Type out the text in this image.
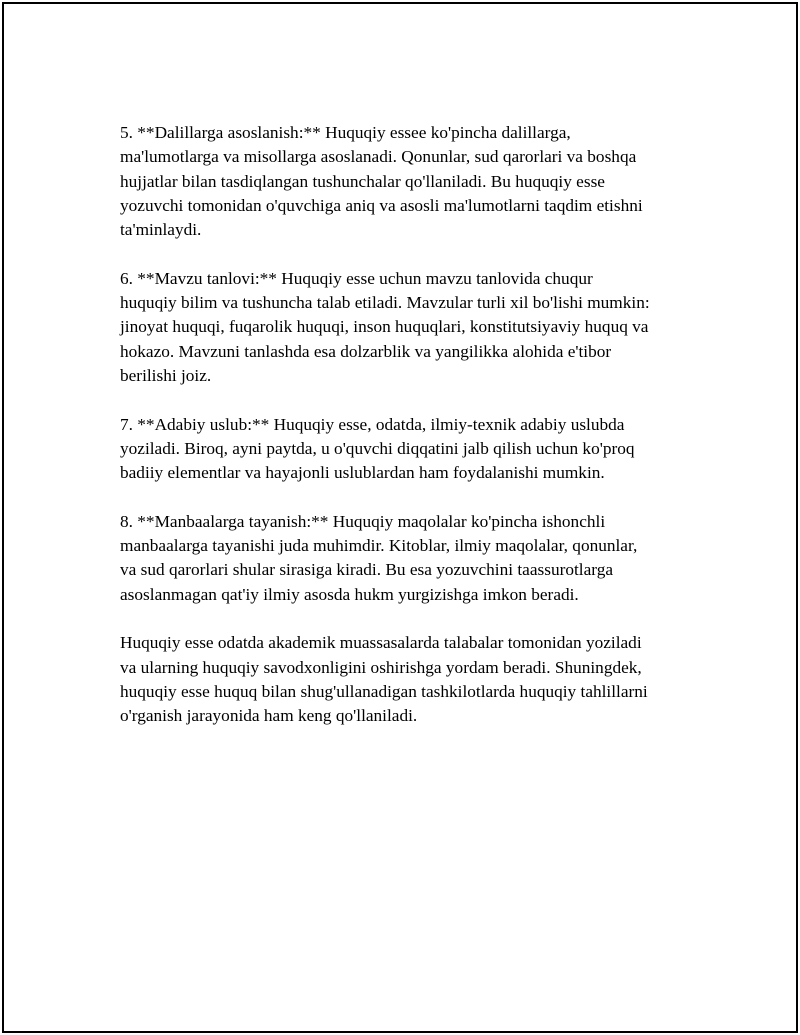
5. **Dalillarga asoslanish:** Huquqiy essee ko'pincha dalillarga,
ma'lumotlarga va misollarga asoslanadi. Qonunlar, sud qarorlari va boshqa
hujjatlar bilan tasdiqlangan tushunchalar qo'llaniladi. Bu huquqiy esse
yozuvchi tomonidan o'quvchiga aniq va asosli ma'lumotlarni taqdim etishni
ta'minlaydi.

6. **Mavzu tanlovi:** Huquqiy esse uchun mavzu tanlovida chuqur
huquqiy bilim va tushuncha talab etiladi. Mavzular turli xil bo'lishi mumkin:
jinoyat huquqi, fuqarolik huquqi, inson huquqlari, konstitutsiyaviy huquq va
hokazo. Mavzuni tanlashda esa dolzarblik va yangilikka alohida e'tibor
berilishi joiz.

7. **Adabiy uslub:** Huquqiy esse, odatda, ilmiy-texnik adabiy uslubda
yoziladi. Biroq, ayni paytda, u o'quvchi diqqatini jalb qilish uchun ko'proq
badiiy elementlar va hayajonli uslublardan ham foydalanishi mumkin.

8. **Manbaalarga tayanish:** Huquqiy maqolalar ko'pincha ishonchli
manbaalarga tayanishi juda muhimdir. Kitoblar, ilmiy maqolalar, qonunlar,
va sud qarorlari shular sirasiga kiradi. Bu esa yozuvchini taassurotlarga
asoslanmagan qat'iy ilmiy asosda hukm yurgizishga imkon beradi.

Huquqiy esse odatda akademik muassasalarda talabalar tomonidan yoziladi
va ularning huquqiy savodxonligini oshirishga yordam beradi. Shuningdek,
huquqiy esse huquq bilan shug'ullanadigan tashkilotlarda huquqiy tahlillarni
o'rganish jarayonida ham keng qo'llaniladi.
